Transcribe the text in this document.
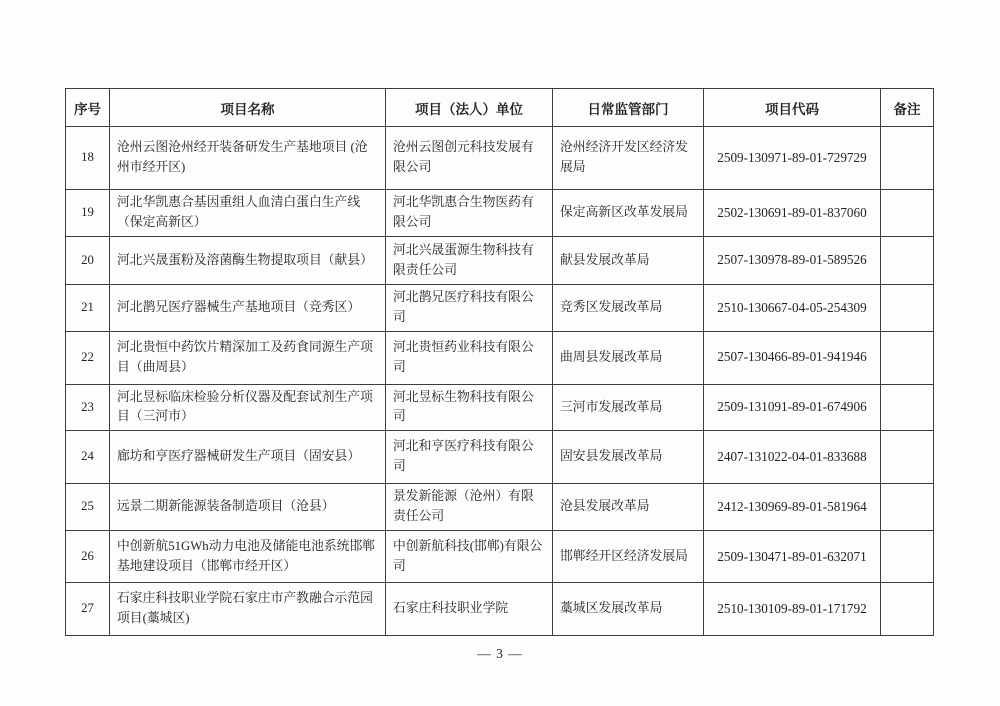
序号	项目名称	项目（法人）单位	日常监管部门	项目代码	备注
18	沧州云图沧州经开装备研发生产基地项目 (沧州市经开区)	沧州云图创元科技发展有限公司	沧州经济开发区经济发展局	2509-130971-89-01-729729	
19	河北华凯惠合基因重组人血清白蛋白生产线（保定高新区）	河北华凯惠合生物医药有限公司	保定高新区改革发展局	2502-130691-89-01-837060	
20	河北兴晟蛋粉及溶菌酶生物提取项目（献县）	河北兴晟蛋源生物科技有限责任公司	献县发展改革局	2507-130978-89-01-589526	
21	河北鹊兄医疗器械生产基地项目（竞秀区）	河北鹊兄医疗科技有限公司	竞秀区发展改革局	2510-130667-04-05-254309	
22	河北贵恒中药饮片精深加工及药食同源生产项目（曲周县）	河北贵恒药业科技有限公司	曲周县发展改革局	2507-130466-89-01-941946	
23	河北昱标临床检验分析仪器及配套试剂生产项目（三河市）	河北昱标生物科技有限公司	三河市发展改革局	2509-131091-89-01-674906	
24	廊坊和亨医疗器械研发生产项目（固安县）	河北和亨医疗科技有限公司	固安县发展改革局	2407-131022-04-01-833688	
25	远景二期新能源装备制造项目（沧县）	景发新能源（沧州）有限责任公司	沧县发展改革局	2412-130969-89-01-581964	
26	中创新航51GWh动力电池及储能电池系统邯郸基地建设项目（邯郸市经开区）	中创新航科技(邯郸)有限公司	邯郸经开区经济发展局	2509-130471-89-01-632071	
27	石家庄科技职业学院石家庄市产教融合示范园项目(藁城区)	石家庄科技职业学院	藁城区发展改革局	2510-130109-89-01-171792	
— 3 —
